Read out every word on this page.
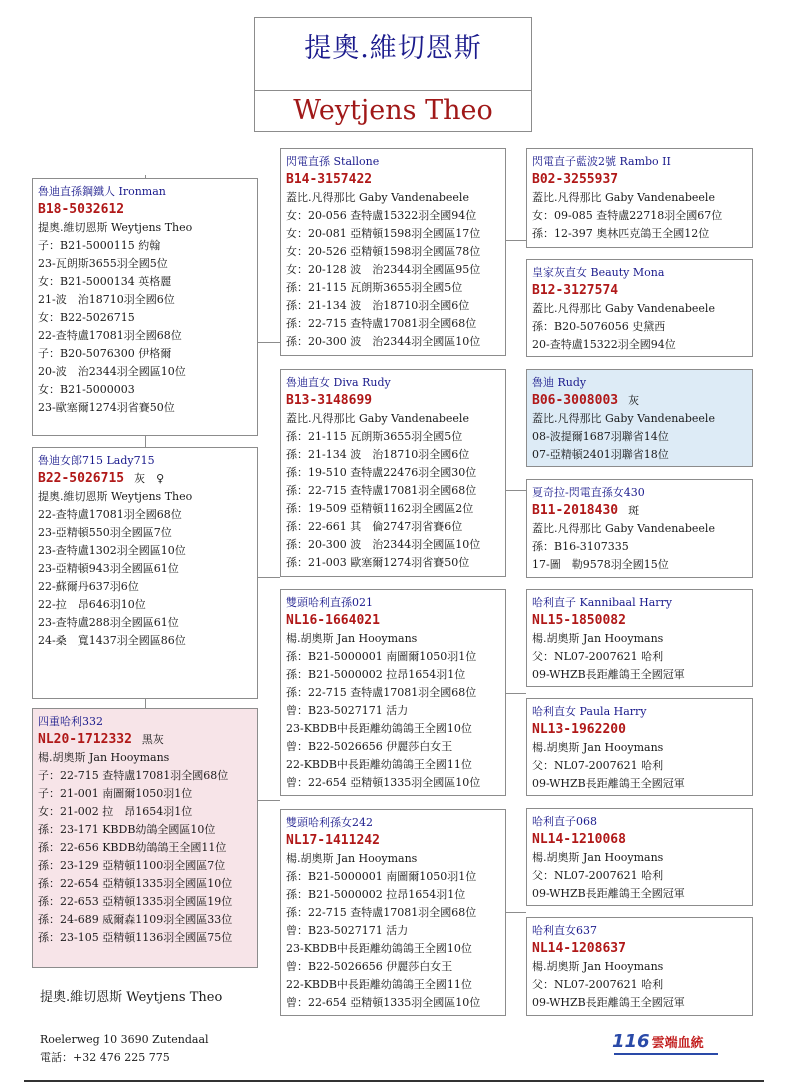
提奧.維切恩斯
Weytjens Theo
魯迪直孫鋼鐵人 Ironman
B18-5032612
提奧.維切恩斯 Weytjens Theo
子：B21-5000115 約翰
23-瓦朗斯3655羽全國5位
女：B21-5000134 英格麗
21-波　治18710羽全國6位
女：B22-5026715
22-查特盧17081羽全國68位
子：B20-5076300 伊格爾
20-波　治2344羽全國區10位
女：B21-5000003
23-歐塞爾1274羽省賽50位
魯迪女郎715 Lady715
B22-5026715 灰　♀
提奧.維切恩斯 Weytjens Theo
22-查特盧17081羽全國68位
23-亞精頓550羽全國區7位
23-查特盧1302羽全國區10位
23-亞精頓943羽全國區61位
22-蘇爾丹637羽6位
22-拉　昂646羽10位
23-查特盧288羽全國區61位
24-桑　寬1437羽全國區86位
四重哈利332
NL20-1712332 黑灰
楊.胡奧斯 Jan Hooymans
子：22-715 查特盧17081羽全國68位
子：21-001 南圖爾1050羽1位
女：21-002 拉　昂1654羽1位
孫：23-171 KBDB幼鴿全國區10位
孫：22-656 KBDB幼鴿鴿王全國11位
孫：23-129 亞精頓1100羽全國區7位
孫：22-654 亞精頓1335羽全國區10位
孫：22-653 亞精頓1335羽全國區19位
孫：24-689 威爾森1109羽全國區33位
孫：23-105 亞精頓1136羽全國區75位
閃電直孫 Stallone
B14-3157422
蓋比.凡得那比 Gaby Vandenabeele
女：20-056 查特盧15322羽全國94位
女：20-081 亞精頓1598羽全國區17位
女：20-526 亞精頓1598羽全國區78位
女：20-128 波　治2344羽全國區95位
孫：21-115 瓦朗斯3655羽全國5位
孫：21-134 波　治18710羽全國6位
孫：22-715 查特盧17081羽全國68位
孫：20-300 波　治2344羽全國區10位
魯迪直女 Diva Rudy
B13-3148699
蓋比.凡得那比 Gaby Vandenabeele
孫：21-115 瓦朗斯3655羽全國5位
孫：21-134 波　治18710羽全國6位
孫：19-510 查特盧22476羽全國30位
孫：22-715 查特盧17081羽全國68位
孫：19-509 亞精頓1162羽全國區2位
孫：22-661 其　倫2747羽省賽6位
孫：20-300 波　治2344羽全國區10位
孫：21-003 歐塞爾1274羽省賽50位
雙頭哈利直孫021
NL16-1664021
楊.胡奧斯 Jan Hooymans
孫：B21-5000001 南圖爾1050羽1位
孫：B21-5000002 拉昂1654羽1位
孫：22-715 查特盧17081羽全國68位
曾：B23-5027171 活力
23-KBDB中長距離幼鴿鴿王全國10位
曾：B22-5026656 伊麗莎白女王
22-KBDB中長距離幼鴿鴿王全國11位
曾：22-654 亞精頓1335羽全國區10位
雙頭哈利孫女242
NL17-1411242
楊.胡奧斯 Jan Hooymans
孫：B21-5000001 南圖爾1050羽1位
孫：B21-5000002 拉昂1654羽1位
孫：22-715 查特盧17081羽全國68位
曾：B23-5027171 活力
23-KBDB中長距離幼鴿鴿王全國10位
曾：B22-5026656 伊麗莎白女王
22-KBDB中長距離幼鴿鴿王全國11位
曾：22-654 亞精頓1335羽全國區10位
閃電直子藍波2號 Rambo II
B02-3255937
蓋比.凡得那比 Gaby Vandenabeele
女：09-085 查特盧22718羽全國67位
孫：12-397 奧林匹克鴿王全國12位
皇家灰直女 Beauty Mona
B12-3127574
蓋比.凡得那比 Gaby Vandenabeele
孫：B20-5076056 史黛西
20-查特盧15322羽全國94位
魯迪 Rudy
B06-3008003 灰
蓋比.凡得那比 Gaby Vandenabeele
08-波提爾1687羽聯省14位
07-亞精頓2401羽聯省18位
夏奇拉-閃電直孫女430
B11-2018430 斑
蓋比.凡得那比 Gaby Vandenabeele
孫：B16-3107335
17-圖　勒9578羽全國15位
哈利直子 Kannibaal Harry
NL15-1850082
楊.胡奧斯 Jan Hooymans
父：NL07-2007621 哈利
09-WHZB長距離鴿王全國冠軍
哈利直女 Paula Harry
NL13-1962200
楊.胡奧斯 Jan Hooymans
父：NL07-2007621 哈利
09-WHZB長距離鴿王全國冠軍
哈利直子068
NL14-1210068
楊.胡奧斯 Jan Hooymans
父：NL07-2007621 哈利
09-WHZB長距離鴿王全國冠軍
哈利直女637
NL14-1208637
楊.胡奧斯 Jan Hooymans
父：NL07-2007621 哈利
09-WHZB長距離鴿王全國冠軍
提奧.維切恩斯 Weytjens Theo
Roelerweg 10 3690 Zutendaal
電話：+32 476 225 775
116 雲端血統
